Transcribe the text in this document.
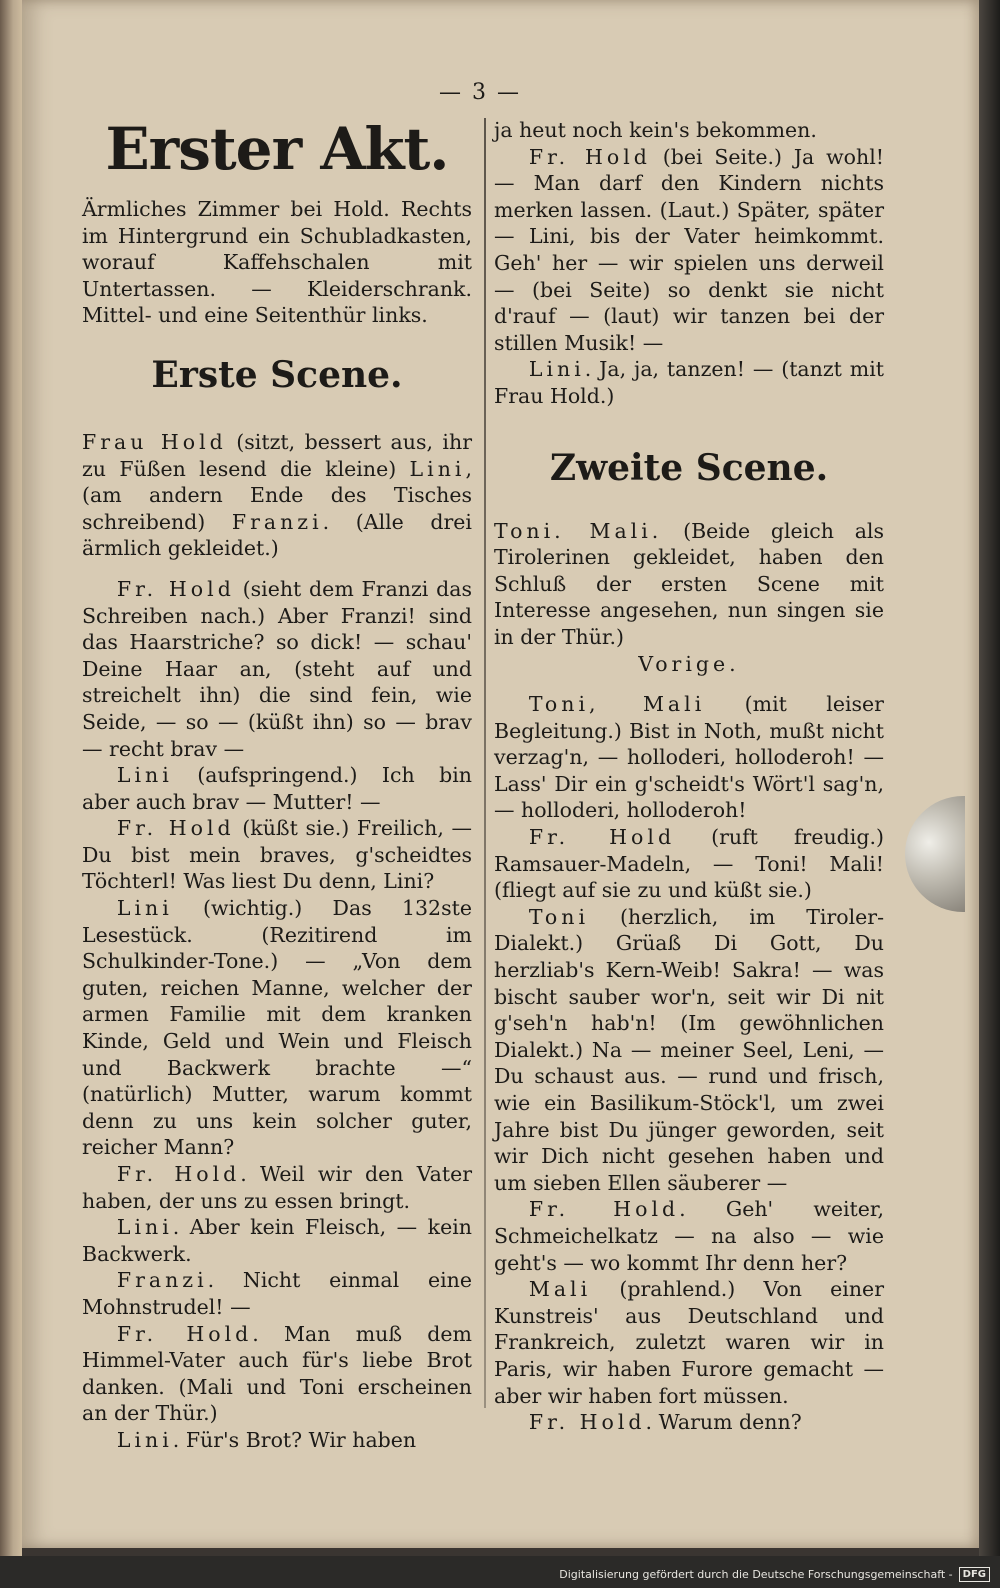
— 3 —
Erster Akt.

Ärmliches Zimmer bei Hold. Rechts im Hintergrund ein Schubladkasten, worauf Kaffehschalen mit Untertassen. — Kleiderschrank. Mittel- und eine Seitenthür links.

Erste Scene.

Frau Hold (sitzt, bessert aus, ihr zu Füßen lesend die kleine) Lini, (am andern Ende des Tisches schreibend) Franzi. (Alle drei ärmlich gekleidet.)

Fr. Hold (sieht dem Franzi das Schreiben nach.) Aber Franzi! sind das Haarstriche? so dick! — schau' Deine Haar an, (steht auf und streichelt ihn) die sind fein, wie Seide, — so — (küßt ihn) so — brav — recht brav —

Lini (aufspringend.) Ich bin aber auch brav — Mutter! —

Fr. Hold (küßt sie.) Freilich, — Du bist mein braves, g'scheidtes Töchterl! Was liest Du denn, Lini?

Lini (wichtig.) Das 132ste Lesestück. (Rezitirend im Schulkinder-Tone.) — „Von dem guten, reichen Manne, welcher der armen Familie mit dem kranken Kinde, Geld und Wein und Fleisch und Backwerk brachte —“ (natürlich) Mutter, warum kommt denn zu uns kein solcher guter, reicher Mann?

Fr. Hold. Weil wir den Vater haben, der uns zu essen bringt.

Lini. Aber kein Fleisch, — kein Backwerk.

Franzi. Nicht einmal eine Mohnstrudel! —

Fr. Hold. Man muß dem Himmel-Vater auch für's liebe Brot danken. (Mali und Toni erscheinen an der Thür.)

Lini. Für's Brot? Wir haben

ja heut noch kein's bekommen.

Fr. Hold (bei Seite.) Ja wohl! — Man darf den Kindern nichts merken lassen. (Laut.) Später, später — Lini, bis der Vater heimkommt. Geh' her — wir spielen uns derweil — (bei Seite) so denkt sie nicht d'rauf — (laut) wir tanzen bei der stillen Musik! —

Lini. Ja, ja, tanzen! — (tanzt mit Frau Hold.)

Zweite Scene.

Toni. Mali. (Beide gleich als Tirolerinen gekleidet, haben den Schluß der ersten Scene mit Interesse angesehen, nun singen sie in der Thür.)

Vorige.

Toni, Mali (mit leiser Begleitung.) Bist in Noth, mußt nicht verzag'n, — holloderi, holloderoh! — Lass' Dir ein g'scheidt's Wört'l sag'n, — holloderi, holloderoh!

Fr. Hold (ruft freudig.) Ramsauer-Madeln, — Toni! Mali! (fliegt auf sie zu und küßt sie.)

Toni (herzlich, im Tiroler-Dialekt.) Grüaß Di Gott, Du herzliab's Kern-Weib! Sakra! — was bischt sauber wor'n, seit wir Di nit g'seh'n hab'n! (Im gewöhnlichen Dialekt.) Na — meiner Seel, Leni, — Du schaust aus. — rund und frisch, wie ein Basilikum-Stöck'l, um zwei Jahre bist Du jünger geworden, seit wir Dich nicht gesehen haben und um sieben Ellen säuberer —

Fr. Hold. Geh' weiter, Schmeichelkatz — na also — wie geht's — wo kommt Ihr denn her?

Mali (prahlend.) Von einer Kunstreis' aus Deutschland und Frankreich, zuletzt waren wir in Paris, wir haben Furore gemacht — aber wir haben fort müssen.

Fr. Hold. Warum denn?

Digitalisierung gefördert durch die Deutsche Forschungsgemeinschaft -	DFG
